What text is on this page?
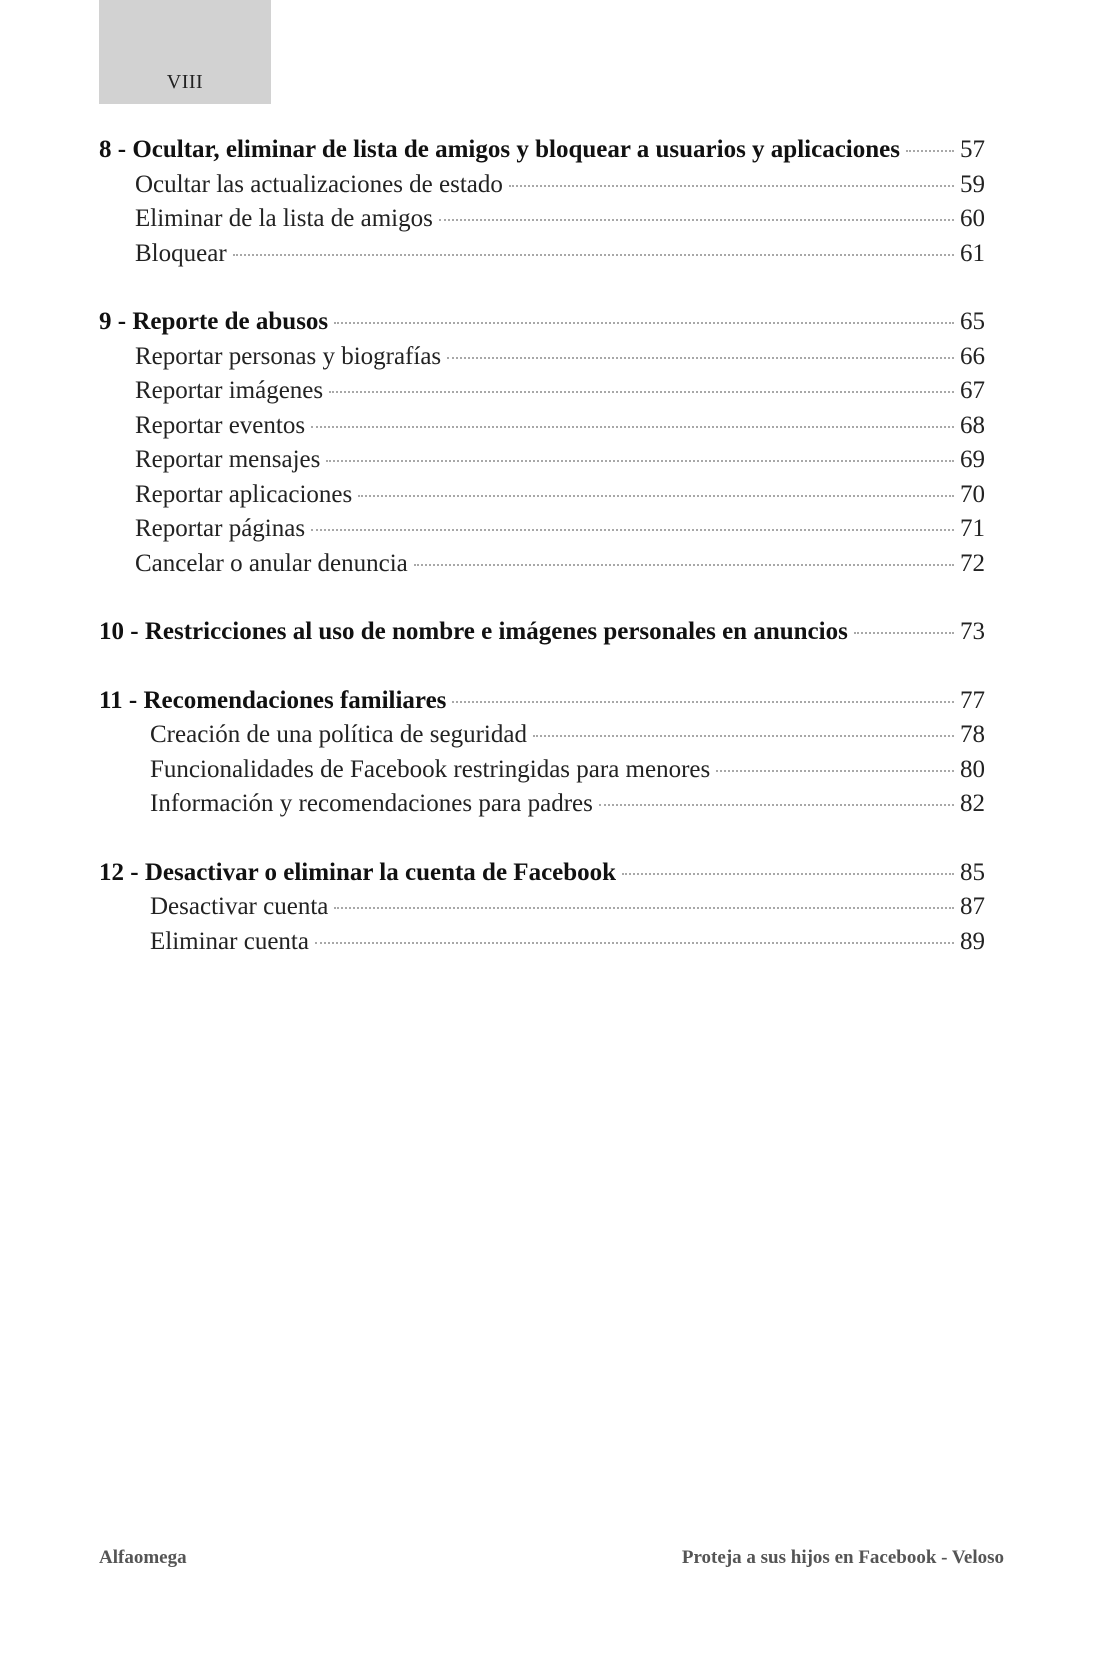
VIII
8 - Ocultar, eliminar de lista de amigos y bloquear a usuarios y aplicaciones 57
Ocultar las actualizaciones de estado	59
Eliminar de la lista de amigos	60
Bloquear	61
9 - Reporte de abusos	65
Reportar personas y biografías	66
Reportar imágenes	67
Reportar eventos	68
Reportar mensajes	69
Reportar aplicaciones	70
Reportar páginas	71
Cancelar o anular denuncia	72
10 - Restricciones al uso de nombre e imágenes personales en anuncios	73
11 - Recomendaciones familiares	77
Creación de una política de seguridad	78
Funcionalidades de Facebook restringidas para menores	80
Información y recomendaciones para padres	82
12 - Desactivar o eliminar la cuenta de Facebook	85
Desactivar cuenta	87
Eliminar cuenta	89
Alfaomega	Proteja a sus hijos en Facebook - Veloso
